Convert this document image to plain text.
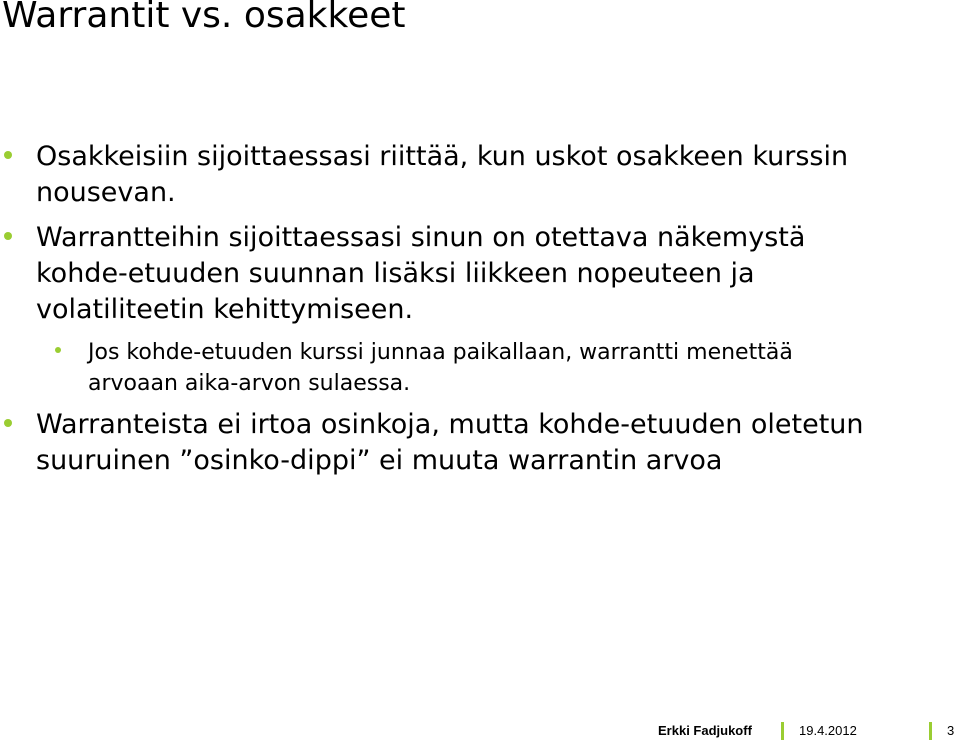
Warrantit vs. osakkeet
Osakkeisiin sijoittaessasi riittää, kun uskot osakkeen kurssin nousevan.
Warrantteihin sijoittaessasi sinun on otettava näkemystä kohde-etuuden suunnan lisäksi liikkeen nopeuteen ja volatiliteetin kehittymiseen.
Jos kohde-etuuden kurssi junnaa paikallaan, warrantti menettää arvoaan aika-arvon sulaessa.
Warranteista ei irtoa osinkoja, mutta kohde-etuuden oletetun suuruinen ”osinko-dippi” ei muuta warrantin arvoa
Erkki Fadjukoff	19.4.2012	3
